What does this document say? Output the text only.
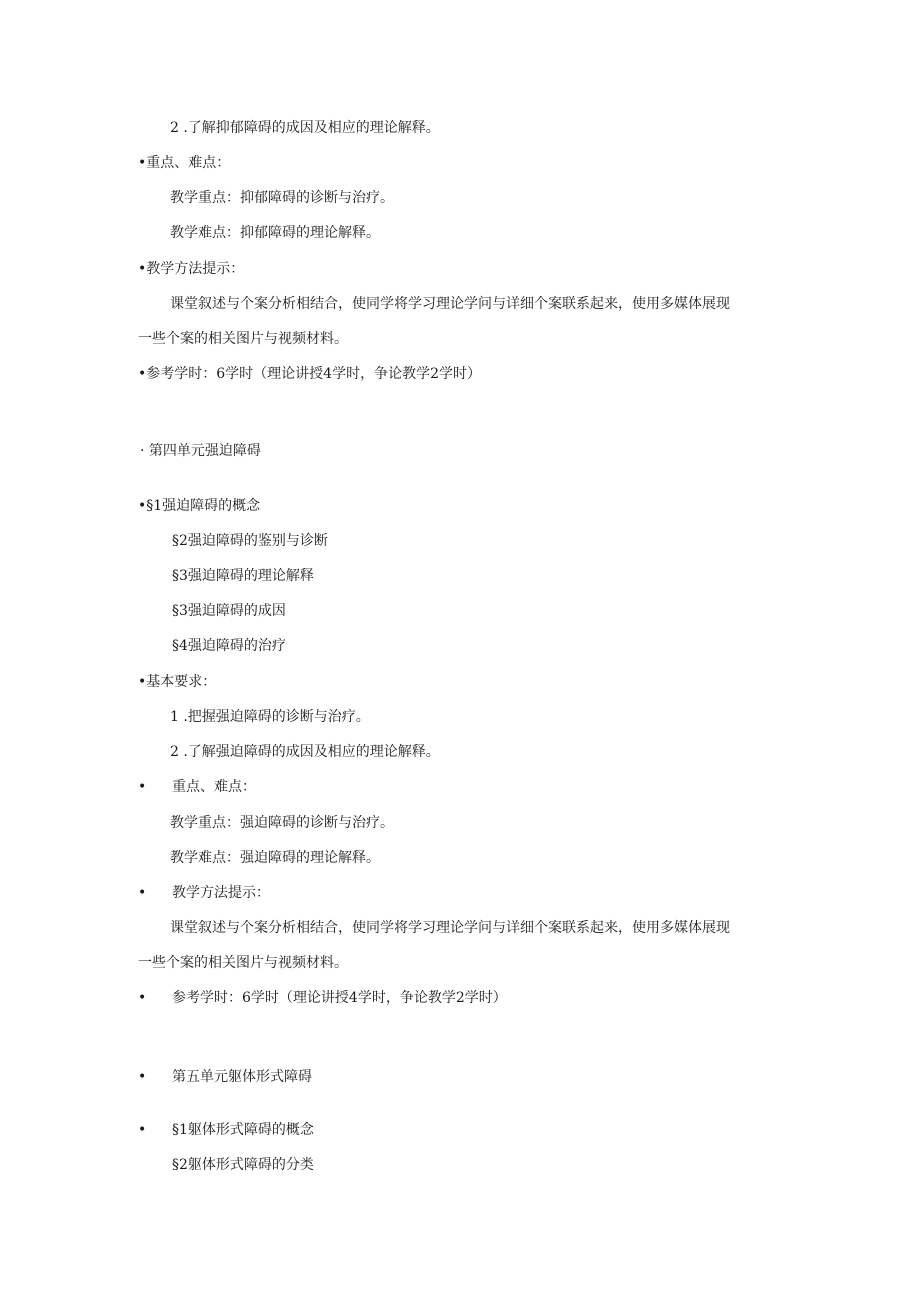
2 .了解抑郁障碍的成因及相应的理论解释。
•重点、难点：
教学重点：抑郁障碍的诊断与治疗。
教学难点：抑郁障碍的理论解释。
•教学方法提示：
课堂叙述与个案分析相结合，使同学将学习理论学问与详细个案联系起来，使用多媒体展现
一些个案的相关图片与视频材料。
•参考学时：6学时（理论讲授4学时，争论教学2学时）
· 第四单元强迫障碍
•§1强迫障碍的概念
§2强迫障碍的鉴别与诊断
§3强迫障碍的理论解释
§3强迫障碍的成因
§4强迫障碍的治疗
•基本要求：
1 .把握强迫障碍的诊断与治疗。
2 .了解强迫障碍的成因及相应的理论解释。
• 重点、难点：
教学重点：强迫障碍的诊断与治疗。
教学难点：强迫障碍的理论解释。
• 教学方法提示：
课堂叙述与个案分析相结合，使同学将学习理论学问与详细个案联系起来，使用多媒体展现
一些个案的相关图片与视频材料。
• 参考学时：6学时（理论讲授4学时，争论教学2学时）
• 第五单元躯体形式障碍
• §1躯体形式障碍的概念
§2躯体形式障碍的分类
